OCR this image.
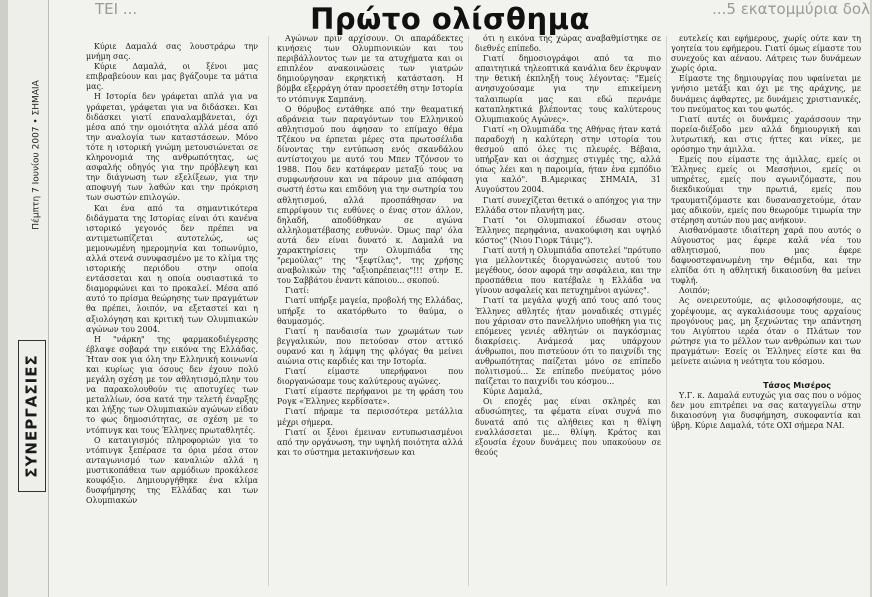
Πέμπτη 7 Ιουνίου 2007 • ΣΗΜΑΙΑ
ΣΥΝΕΡΓΑΣΙΕΣ
ΤΕΙ ...	...5 εκατομμύρια δολ
Πρώτο ολίσθημα

Κύριε Δαμαλά σας λουστράρω την μνήμη σας.

Κύριε Δαμαλά, οι ξένοι μας επιβραβεύουν και μας βγάζουμε τα μάτια μας.

Η Ιστορία δεν γράφεται απλά για να γράφεται, γράφεται για να διδάσκει. Και διδάσκει γιατί επαναλαμβάνεται, όχι μέσα από την ομοιότητα αλλά μέσα από την αναλογία των καταστάσεων. Μόνο τότε η ιστορική γνώμη μετουσιώνεται σε κληρονομιά της ανθρωπότητας, ως ασφαλής οδηγός για την πρόβλεψη και την διάγνωση των εξελίξεων, για την αποφυγή των λαθών και την πρόκριση των σωστών επιλογών.

Και ένα από τα σημαντικότερα διδάγματα της Ιστορίας είναι ότι κανένα ιστορικό γεγονός δεν πρέπει να αντιμετωπίζεται αυτοτελώς, ως μεμονωμένη ημερομηνία και τοπωνύμιο, αλλά στενά συνυφασμένο με το κλίμα της ιστορικής περιόδου στην οποία εντάσσεται και η οποία ουσιαστικά το διαμορφώνει και το προκαλεί. Μέσα από αυτό το πρίσμα θεώρησης των πραγμάτων θα πρέπει, λοιπόν, να εξεταστεί και η αξιολόγηση και κριτική των Ολυμπιακών αγώνων του 2004.

Η "νάρκη" της φαρμακοδιέγερσης έβλαψε σοβαρά την εικόνα της Ελλάδας. Ήταν σοκ για όλη την Ελληνική κοινωνία και κυρίως για όσους δεν έχουν πολύ μεγάλη σχέση με τον αθλητισμό,πλην του να παρακολουθούν τις αποτυχίες των μεταλλίων, όσα κατά την τελετή έναρξης και λήξης των Ολυμπιακών αγώνων είδαν το φως δημοσιότητας, σε σχέση με το ντόπινγκ και τους Έλληνες πρωταθλητές.

Ο καταιγισμός πληροφοριών για το ντόπινγκ ξεπέρασε τα όρια μέσα στον ανταγωνισμό των καναλιών αλλά η μυστικοπάθεια των αρμόδιων προκάλεσε κουφόξιο. Δημιουργήθηκε ένα κλίμα δυσφήμησης της Ελλάδας και των Ολυμπιακών

Αγώνων πριν αρχίσουν. Οι απαράδεκτες κινήσεις των Ολυμπιονικών και του περιβάλλοντος των με τα ατυχήματα και οι επιπλέον ανακοινώσεις των γιατρών δημιούργησαν εκρηκτική κατάσταση. Η βόμβα εξερράγη όταν προσετέθη στην Ιστορία το ντόπινγκ Σαμπάνη.

Ο θόρυβος εντάθηκε από την θεαματική αδράνεια των παραγόντων του Ελληνικού αθλητισμού που άφησαν το επίμαχο θέμα Τζέκου να έρπεται μέρες στα πρωτοσέλιδα δίνοντας την εντύπωση ενός σκανδάλου αντίστοιχου με αυτό του Μπεν Τζόνσον το 1988. Που δεν κατάφεραν μεταξύ τους να συμφωνήσουν και να πάρουν μια απόφαση σωστή έστω και επιδόνη για την σωτηρία του αθλητισμού, αλλά προσπάθησαν να επιρρίψουν τις ευθύνες ο ένας στον άλλον, δηλαδή, αποδύθηκαν σε αγώνα αλληλοματέβασης ευθυνών. Όμως παρ' όλα αυτά δεν είναι δυνατό κ. Δαμαλά να χαρακτηρίσεις την Ολυμπιάδα της "ρεμούλας" της "ξεφτίλας", της χρήσης αναβολικών της "αξιοπρέπειας"!!! στην Ε. του Σαββάτου έναντι κάποιου... σκοπού.

Γιατί:

Γιατί υπήρξε μαγεία, προβολή της Ελλάδας, υπήρξε το ακατόρθωτο το θαύμα, ο θαυμασμός.

Γιατί η πανδαισία των χρωμάτων των βεγγαλικών, που πετούσαν στον αττικό ουρανό και η λάμψη της φλόγας θα μείνει αιώνια στις καρδιές και την Ιστορία.

Γιατί είμαστε υπερήφανοι που διοργανώσαμε τους καλύτερους αγώνες.

Γιατί είμαστε περήφανοι με τη φράση του Ρογκ «Έλληνες κερδίσατε».

Γιατί πήραμε τα περισσότερα μετάλλια μέχρι σήμερα.

Γιατί οι ξένοι έμειναν εντυπωσιασμένοι από την οργάνωση, την υψηλή ποιότητα αλλά και το σύστημα μετακινήσεων και

ότι η εικόνα της χώρας αναβαθμίστηκε σε διεθνές επίπεδο.

Γιατί δημοσιογράφοι από τα πιο απαιτητικά τηλεοπτικά κανάλια δεν έκρυψαν την θετική έκπληξή τους λέγοντας: "Εμείς ανησυχούσαμε για την επικείμενη ταλαιπωρία μας και εδώ περνάμε καταπληκτικά βλέποντας τους καλύτερους Ολυμπιακούς Αγώνες».

Γιατί «η Ολυμπιάδα της Αθήνας ήταν κατά παραδοχή η καλύτερη στην ιστορία του θεσμού από όλες τις πλευρές. Βέβαια, υπήρξαν και οι άσχημες στιγμές της, αλλά όπως λέει και η παροιμία, ήταν ένα εμπόδιο για καλό". Β.Αμερικας ΣΗΜΑΙΑ, 31 Αυγούστου 2004.

Γιατί συνεχίζεται θετικά ο απόηχος για την Ελλάδα στον πλανήτη μας.

Γιατί "οι Ολυμπιακοί έδωσαν στους Έλληνες περηφάνια, ανακούφιση και υψηλό κόστος" (Νιου Γιορκ Τάιμς").

Γιατί αυτή η Ολυμπιάδα αποτελεί "πρότυπο για μελλοντικές διοργανώσεις αυτού του μεγέθους, όσον αφορά την ασφάλεια, και την προσπάθεια που κατέβαλε η Ελλάδα να γίνουν ασφαλείς και πετυχημένοι αγώνες".

Γιατί τα μεγάλα ψυχή από τους από τους Έλληνες αθλητές ήταν μοναδικές στιγμές που χάρισαν στο πανελλήνιο υποθήκη για τις επόμενες γενιές αθλητών οι παγκόσμιας διακρίσεις. Ανάμεσά μας υπάρχουν άνθρωποι, που πιστεύουν ότι το παιχνίδι της ανθρωπότητας παίζεται μόνο σε επίπεδο πολιτισμού... Σε επίπεδο πνεύματος μόνο παίζεται το παιχνίδι του κόσμου...

Κύριε Δαμαλά,

Οι εποχές μας είναι σκληρές και αδυσώπητες, τα φέματα είναι συχνά πιο δυνατά από τις αλήθειες και η θλίψη εναλλάσσεται με... θλίψη. Κράτος και εξουσία έχουν δυνάμεις που υπακούουν σε θεούς

ευτελείς και εφήμερους, χωρίς ούτε καν τη γοητεία του εφήμερου. Γιατί όμως είμαστε του συνεχούς και αέναου. Λάτρεις των δυνάμεων χωρίς όρια.

Είμαστε της δημιουργίας που υφαίνεται με γνήσιο μετάξι και όχι με της αράχνης, με δυνάμεις άφθαρτες, με δυνάμεις χριστιανικές, του πνεύματος και του φωτός.

Γιατί αυτές οι δυνάμεις χαράσσουν την πορεία-διέξοδο μεν αλλά δημιουργική και λυτρωτική, και στις ήττες και νίκες, με ορόσημο την άμιλλα.

Εμείς που είμαστε της άμιλλας, εμείς οι Έλληνες εμείς οι Μεσσήνιοι, εμείς οι υπηρέτες, εμείς που αγωνιζόμαστε, που διεκδικούμαι την πρωτιά, εμείς που τραυματιζόμαστε και δυσανασχετούμε, όταν μας αδικούν, εμείς που θεωρούμε τιμωρία την στέρηση αυτών που μας ανήκουν.

Αισθανόμαστε ιδιαίτερη χαρά που αυτός ο Αύγουστος μας έφερε καλά νέα του αθλητισμού, που μας έφερε δαφνοστεφανωμένη την Θέμιδα, και την ελπίδα ότι η αθλητική δικαιοσύνη θα μείνει τυφλή.

Λοιπόν;

Ας ονειρευτούμε, ας φιλοσοφήσουμε, ας χορέψουμε, ας αγκαλιάσουμε τους αρχαίους προγόνους μας, μη ξεχνώντας την απάντηση του Αιγύπτου ιερέα όταν ο Πλάτων τον ρώτησε για το μέλλον των ανθρώπων και των πραγμάτων: Εσείς οι Έλληνες είστε και θα μείνετε αιώνια η νεότητα του κόσμου.

Τάσος Μισέρος

Υ.Γ. κ. Δαμαλά ευτυχώς για σας που ο νόμος δεν μου επιτρέπει να σας καταγγείλω στην δικαιοσύνη για δυσφήμηση, συκοφαντία και ύβρη. Κύριε Δαμαλά, τότε ΟΧΙ σήμερα ΝΑΙ.
